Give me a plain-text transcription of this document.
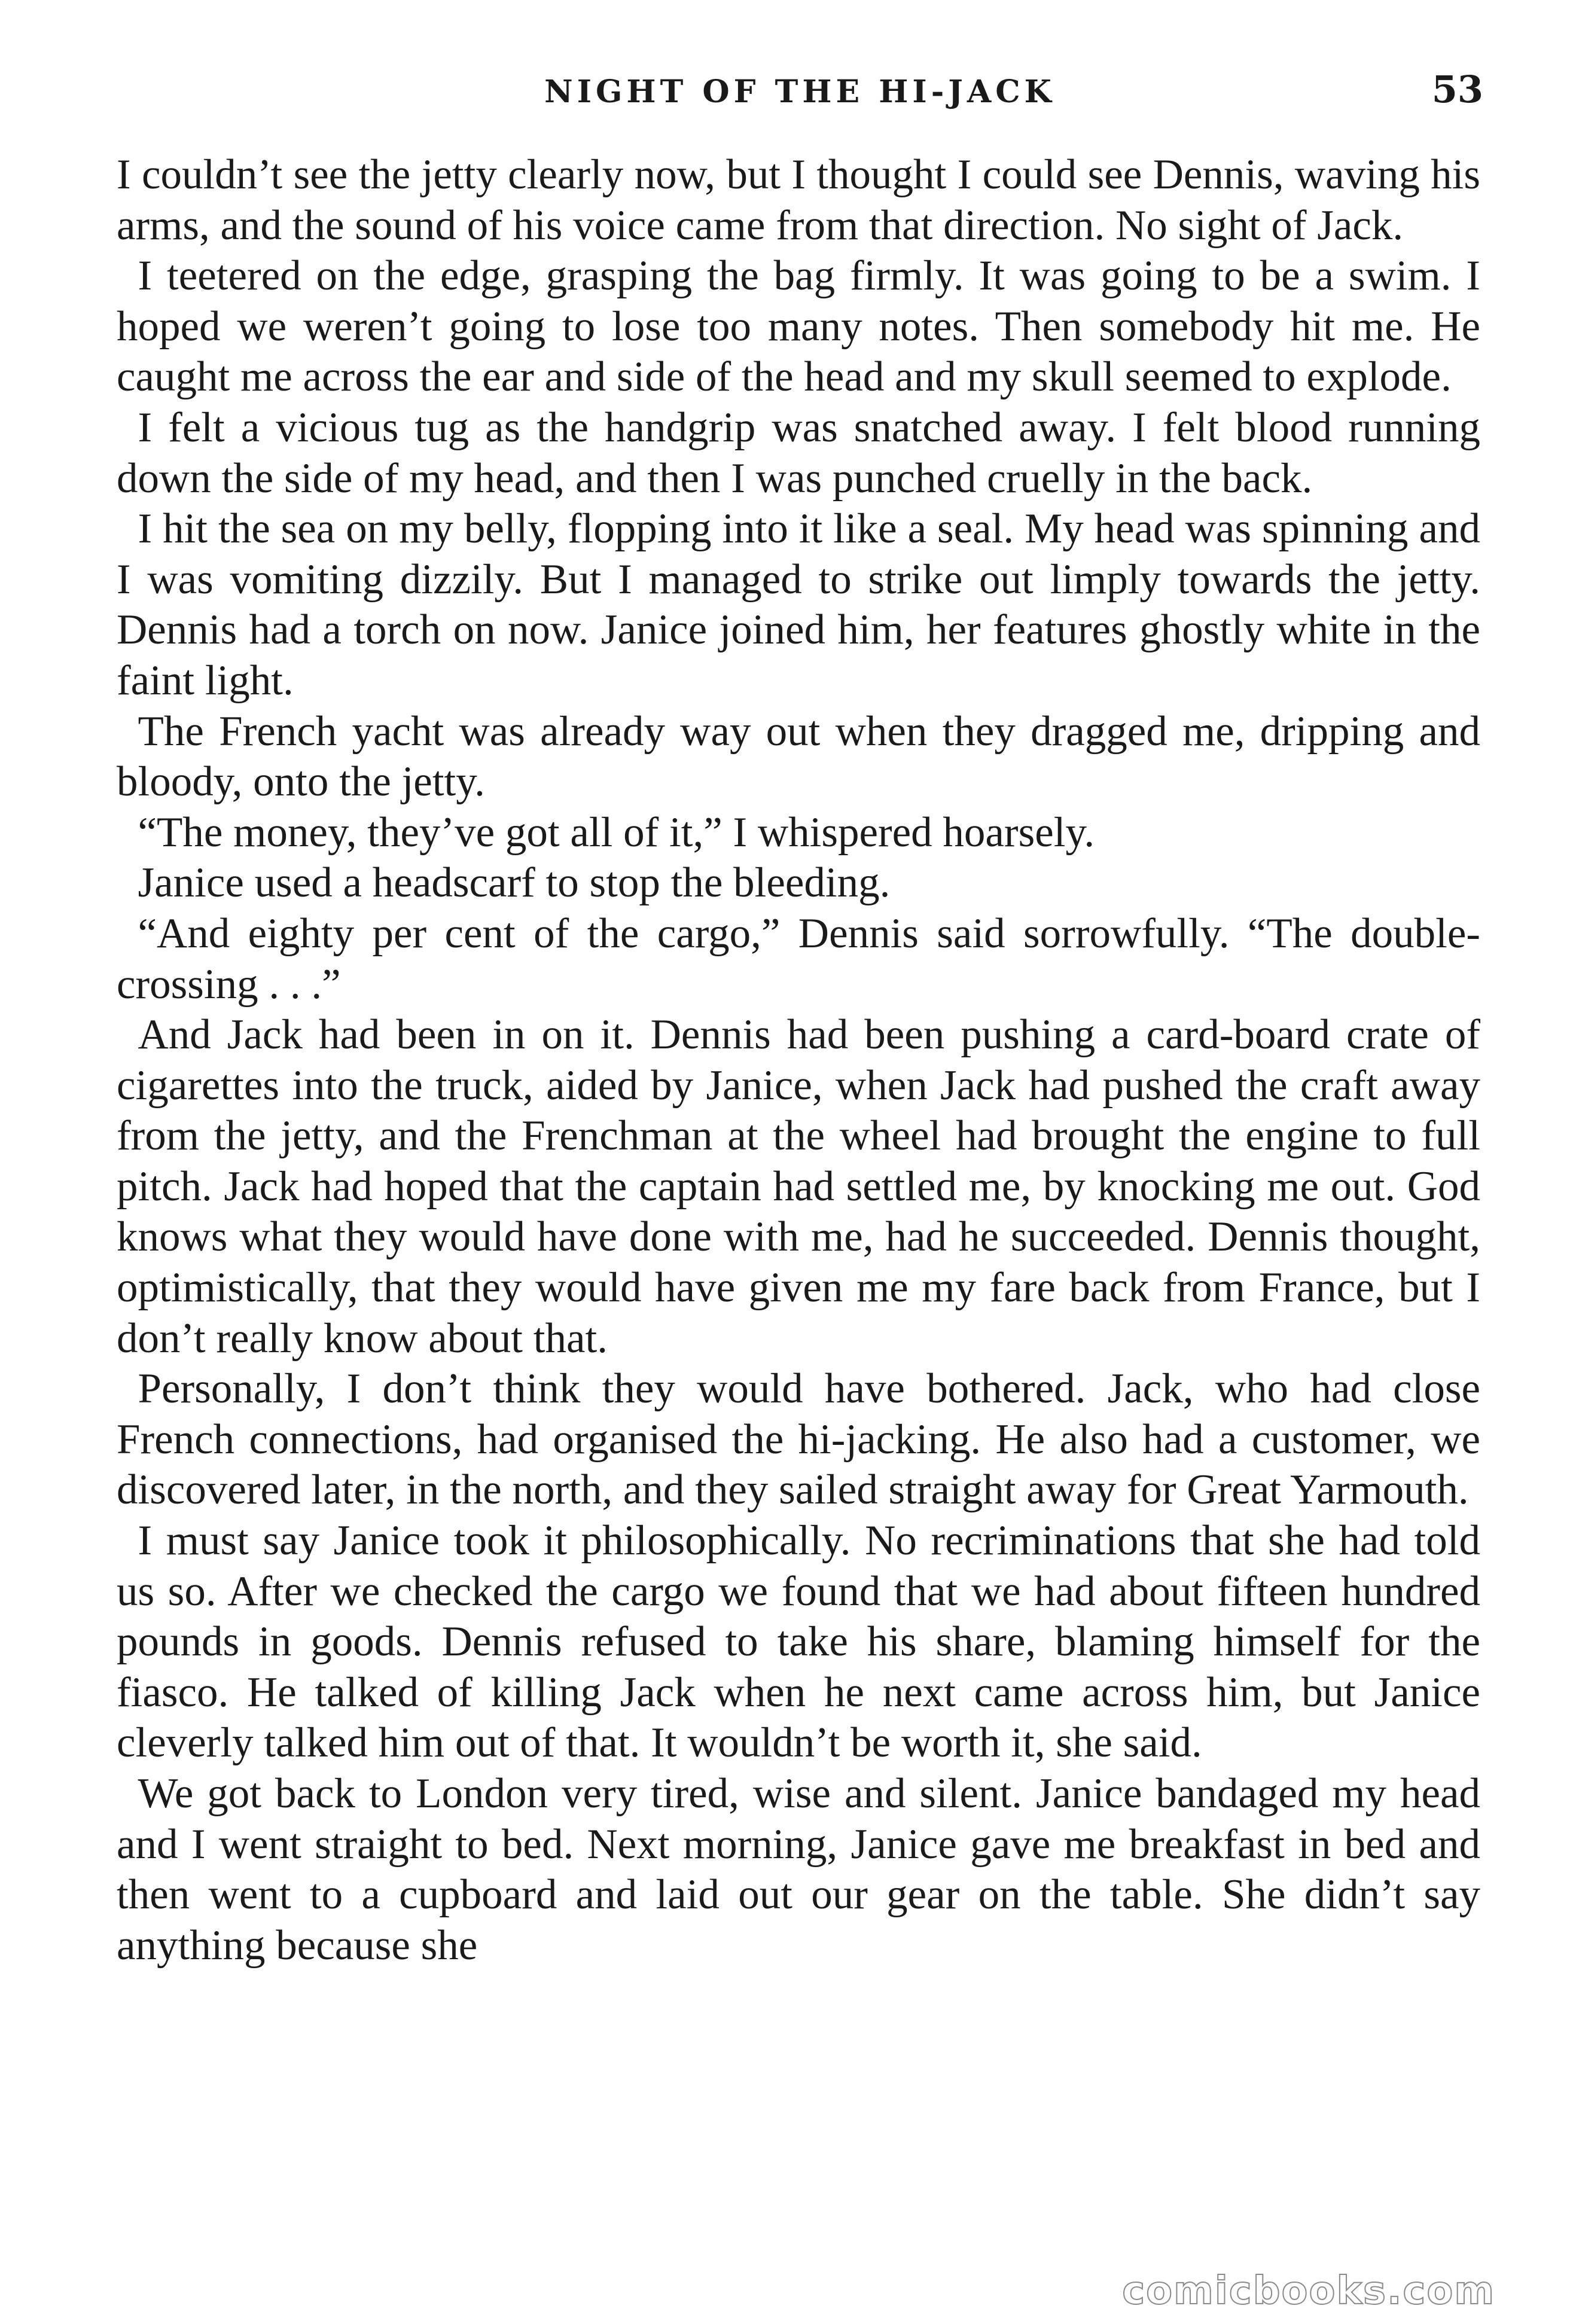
NIGHT OF THE HI-JACK	53

I couldn’t see the jetty clearly now, but I thought I could see Dennis, waving his arms, and the sound of his voice came from that direction. No sight of Jack.

I teetered on the edge, grasping the bag firmly. It was going to be a swim. I hoped we weren’t going to lose too many notes. Then somebody hit me. He caught me across the ear and side of the head and my skull seemed to explode.

I felt a vicious tug as the handgrip was snatched away. I felt blood running down the side of my head, and then I was punched cruelly in the back.

I hit the sea on my belly, flopping into it like a seal. My head was spinning and I was vomiting dizzily. But I managed to strike out limply towards the jetty. Dennis had a torch on now. Janice joined him, her features ghostly white in the faint light.

The French yacht was already way out when they dragged me, dripping and bloody, onto the jetty.

“The money, they’ve got all of it,” I whispered hoarsely.

Janice used a headscarf to stop the bleeding.

“And eighty per cent of the cargo,” Dennis said sorrowfully. “The double-crossing . . .”

And Jack had been in on it. Dennis had been pushing a card-board crate of cigarettes into the truck, aided by Janice, when Jack had pushed the craft away from the jetty, and the Frenchman at the wheel had brought the engine to full pitch. Jack had hoped that the captain had settled me, by knocking me out. God knows what they would have done with me, had he succeeded. Dennis thought, optimistically, that they would have given me my fare back from France, but I don’t really know about that.

Personally, I don’t think they would have bothered. Jack, who had close French connections, had organised the hi-jacking. He also had a customer, we discovered later, in the north, and they sailed straight away for Great Yarmouth.

I must say Janice took it philosophically. No recriminations that she had told us so. After we checked the cargo we found that we had about fifteen hundred pounds in goods. Dennis refused to take his share, blaming himself for the fiasco. He talked of killing Jack when he next came across him, but Janice cleverly talked him out of that. It wouldn’t be worth it, she said.

We got back to London very tired, wise and silent. Janice bandaged my head and I went straight to bed. Next morning, Janice gave me breakfast in bed and then went to a cupboard and laid out our gear on the table. She didn’t say anything because she

comicbooks.com
